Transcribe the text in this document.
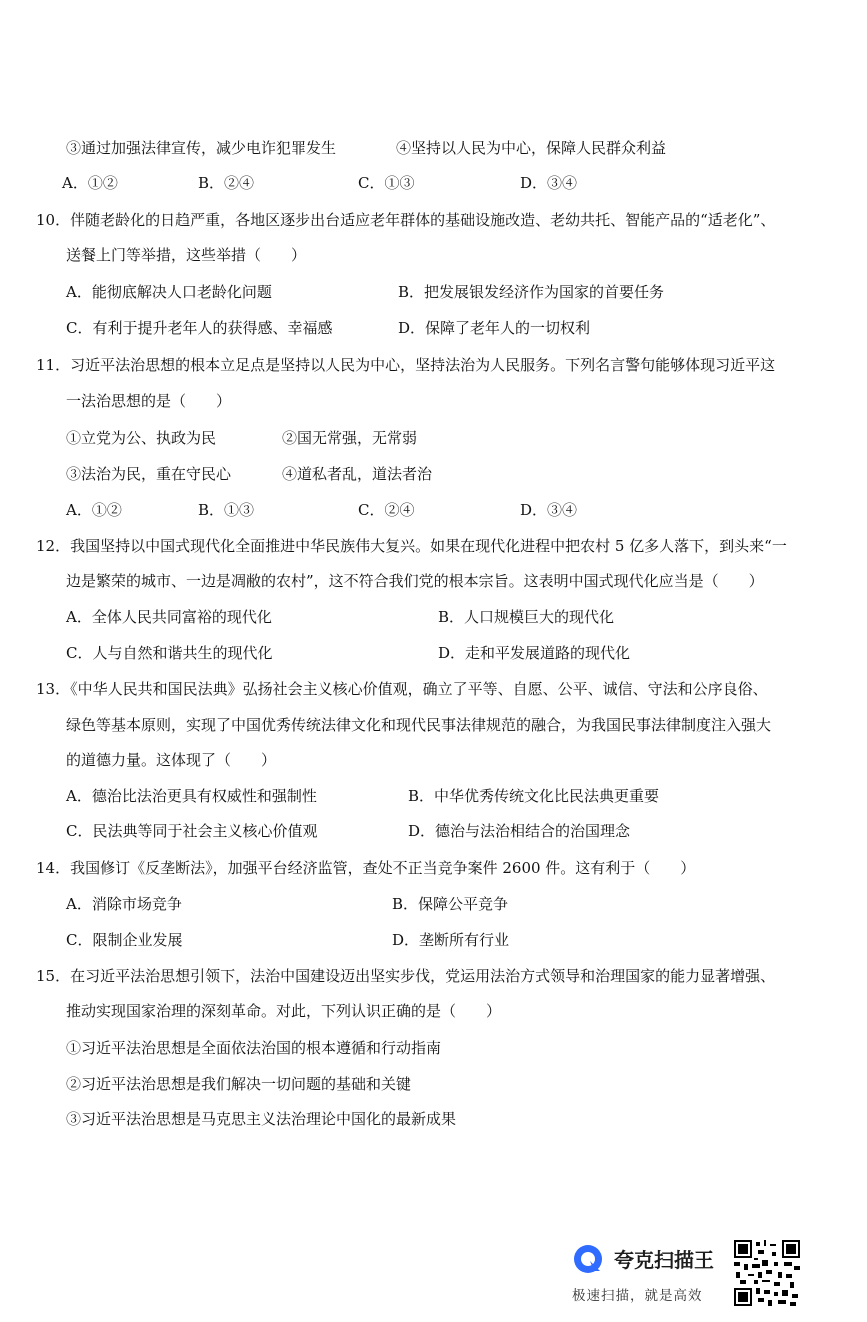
③通过加强法律宣传，减少电诈犯罪发生	④坚持以人民为中心，保障人民群众利益
A．①②	B．②④	C．①③	D．③④
10．伴随老龄化的日趋严重，各地区逐步出台适应老年群体的基础设施改造、老幼共托、智能产品的“适老化”、
送餐上门等举措，这些举措（　　）
A．能彻底解决人口老龄化问题	B．把发展银发经济作为国家的首要任务
C．有利于提升老年人的获得感、幸福感	D．保障了老年人的一切权利
11．习近平法治思想的根本立足点是坚持以人民为中心，坚持法治为人民服务。下列名言警句能够体现习近平这
一法治思想的是（　　）
①立党为公、执政为民	②国无常强，无常弱
③法治为民，重在守民心	④道私者乱，道法者治
A．①②	B．①③	C．②④	D．③④
12．我国坚持以中国式现代化全面推进中华民族伟大复兴。如果在现代化进程中把农村 5 亿多人落下，到头来“一
边是繁荣的城市、一边是凋敝的农村”，这不符合我们党的根本宗旨。这表明中国式现代化应当是（　　）
A．全体人民共同富裕的现代化	B．人口规模巨大的现代化
C．人与自然和谐共生的现代化	D．走和平发展道路的现代化
13．《中华人民共和国民法典》弘扬社会主义核心价值观，确立了平等、自愿、公平、诚信、守法和公序良俗、
绿色等基本原则，实现了中国优秀传统法律文化和现代民事法律规范的融合，为我国民事法律制度注入强大
的道德力量。这体现了（　　）
A．德治比法治更具有权威性和强制性	B．中华优秀传统文化比民法典更重要
C．民法典等同于社会主义核心价值观	D．德治与法治相结合的治国理念
14．我国修订《反垄断法》，加强平台经济监管，查处不正当竞争案件 2600 件。这有利于（　　）
A．消除市场竞争	B．保障公平竞争
C．限制企业发展	D．垄断所有行业
15．在习近平法治思想引领下，法治中国建设迈出坚实步伐，党运用法治方式领导和治理国家的能力显著增强、
推动实现国家治理的深刻革命。对此，下列认识正确的是（　　）
①习近平法治思想是全面依法治国的根本遵循和行动指南
②习近平法治思想是我们解决一切问题的基础和关键
③习近平法治思想是马克思主义法治理论中国化的最新成果
夸克扫描王
极速扫描，就是高效
